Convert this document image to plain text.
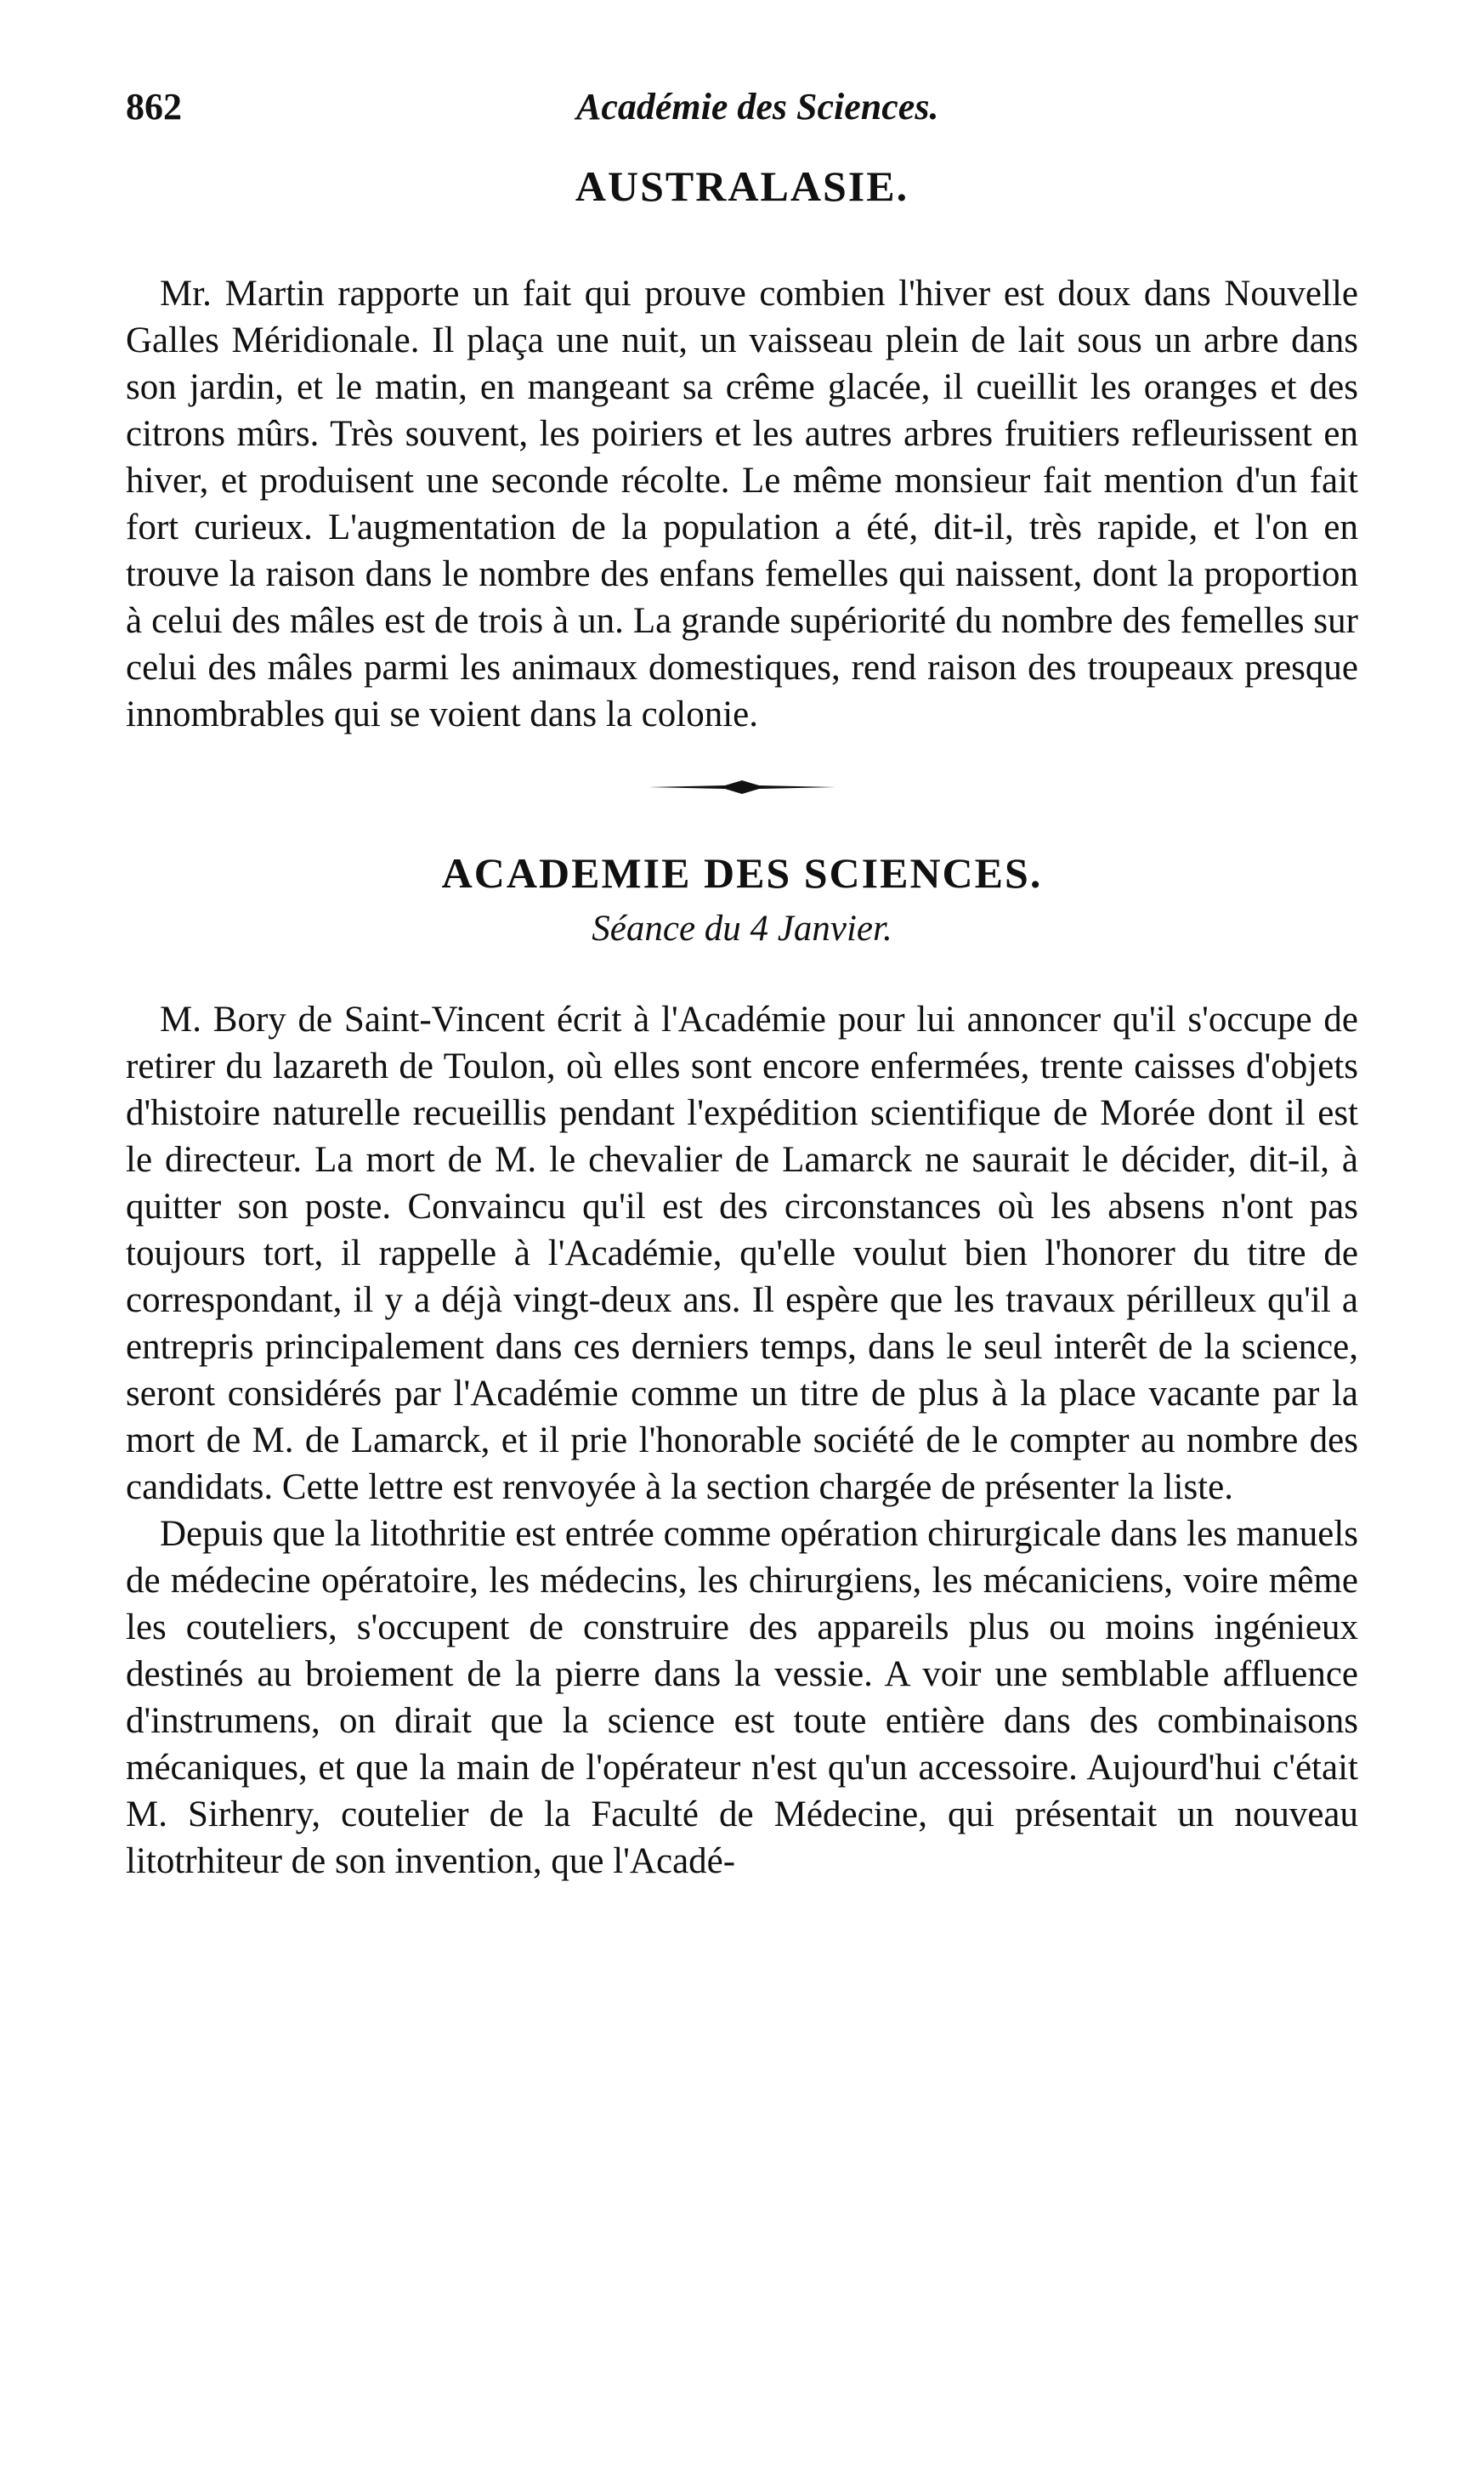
862	Académie des Sciences.
AUSTRALASIE.

Mr. Martin rapporte un fait qui prouve combien l'hiver est doux dans Nouvelle Galles Méridionale. Il plaça une nuit, un vaisseau plein de lait sous un arbre dans son jardin, et le matin, en mangeant sa crême glacée, il cueillit les oranges et des citrons mûrs. Très souvent, les poiriers et les autres arbres fruitiers refleurissent en hiver, et produisent une seconde récolte. Le même monsieur fait mention d'un fait fort curieux. L'augmentation de la population a été, dit-il, très rapide, et l'on en trouve la raison dans le nombre des enfans femelles qui naissent, dont la proportion à celui des mâles est de trois à un. La grande supériorité du nombre des femelles sur celui des mâles parmi les animaux domestiques, rend raison des troupeaux presque innombrables qui se voient dans la colonie.

ACADEMIE DES SCIENCES.

Séance du 4 Janvier.

M. Bory de Saint-Vincent écrit à l'Académie pour lui annoncer qu'il s'occupe de retirer du lazareth de Toulon, où elles sont encore enfermées, trente caisses d'objets d'histoire naturelle recueillis pendant l'expédition scientifique de Morée dont il est le directeur. La mort de M. le chevalier de Lamarck ne saurait le décider, dit-il, à quitter son poste. Convaincu qu'il est des circonstances où les absens n'ont pas toujours tort, il rappelle à l'Académie, qu'elle voulut bien l'honorer du titre de correspondant, il y a déjà vingt-deux ans. Il espère que les travaux périlleux qu'il a entrepris principalement dans ces derniers temps, dans le seul interêt de la science, seront considérés par l'Académie comme un titre de plus à la place vacante par la mort de M. de Lamarck, et il prie l'honorable société de le compter au nombre des candidats. Cette lettre est renvoyée à la section chargée de présenter la liste.

Depuis que la litothritie est entrée comme opération chirurgicale dans les manuels de médecine opératoire, les médecins, les chirurgiens, les mécaniciens, voire même les couteliers, s'occupent de construire des appareils plus ou moins ingénieux destinés au broiement de la pierre dans la vessie. A voir une semblable affluence d'instrumens, on dirait que la science est toute entière dans des combinaisons mécaniques, et que la main de l'opérateur n'est qu'un accessoire. Aujourd'hui c'était M. Sirhenry, coutelier de la Faculté de Médecine, qui présentait un nouveau litotrhiteur de son invention, que l'Acadé-
